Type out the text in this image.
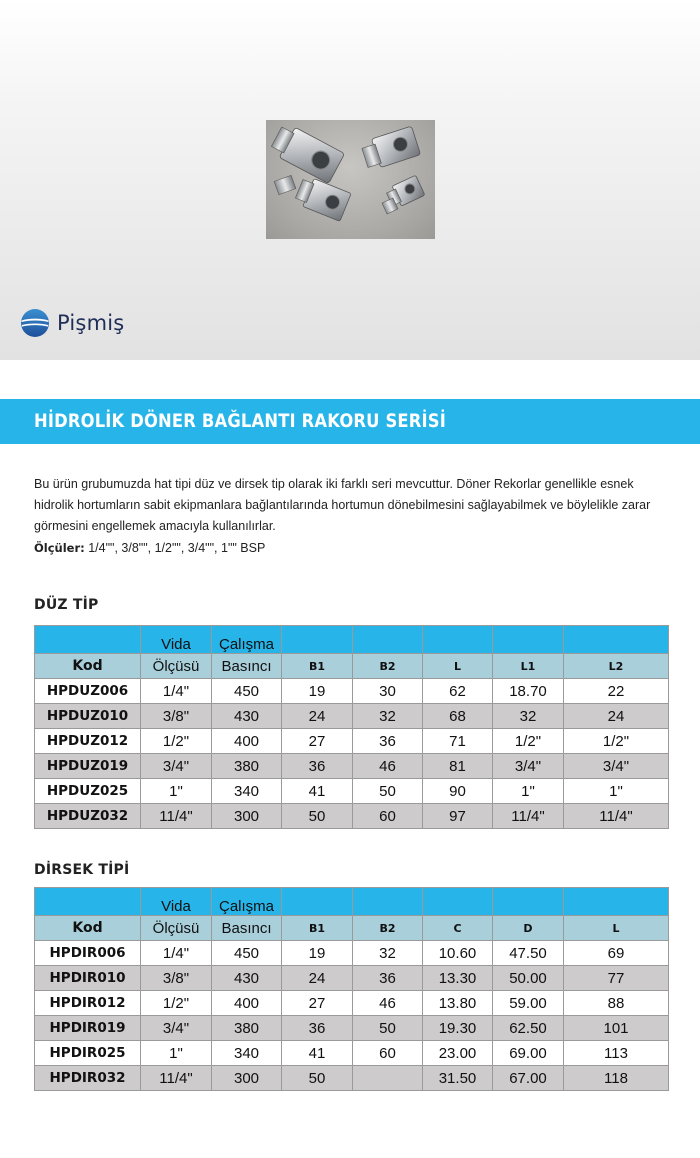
Pişmiş
HİDROLİK DÖNER BAĞLANTI RAKORU SERİSİ
Bu ürün grubumuzda hat tipi düz ve dirsek tip olarak iki farklı seri mevcuttur. Döner Rekorlar genellikle esnek hidrolik hortumların sabit ekipmanlara bağlantılarında hortumun dönebilmesini sağlayabilmek ve böylelikle zarar görmesini engellemek amacıyla kullanılırlar.
Ölçüler: 1/4"", 3/8"", 1/2"", 3/4"", 1"" BSP
DÜZ TİP
	Vida	Çalışma					
Kod	Ölçüsü	Basıncı	B1	B2	L	L1	L2
HPDUZ006	1/4"	450	19	30	62	18.70	22
HPDUZ010	3/8"	430	24	32	68	32	24
HPDUZ012	1/2"	400	27	36	71	1/2"	1/2"
HPDUZ019	3/4"	380	36	46	81	3/4"	3/4"
HPDUZ025	1"	340	41	50	90	1"	1"
HPDUZ032	11/4"	300	50	60	97	11/4"	11/4"
DİRSEK TİPİ
	Vida	Çalışma					
Kod	Ölçüsü	Basıncı	B1	B2	C	D	L
HPDIR006	1/4"	450	19	32	10.60	47.50	69
HPDIR010	3/8"	430	24	36	13.30	50.00	77
HPDIR012	1/2"	400	27	46	13.80	59.00	88
HPDIR019	3/4"	380	36	50	19.30	62.50	101
HPDIR025	1"	340	41	60	23.00	69.00	113
HPDIR032	11/4"	300	50		31.50	67.00	118
